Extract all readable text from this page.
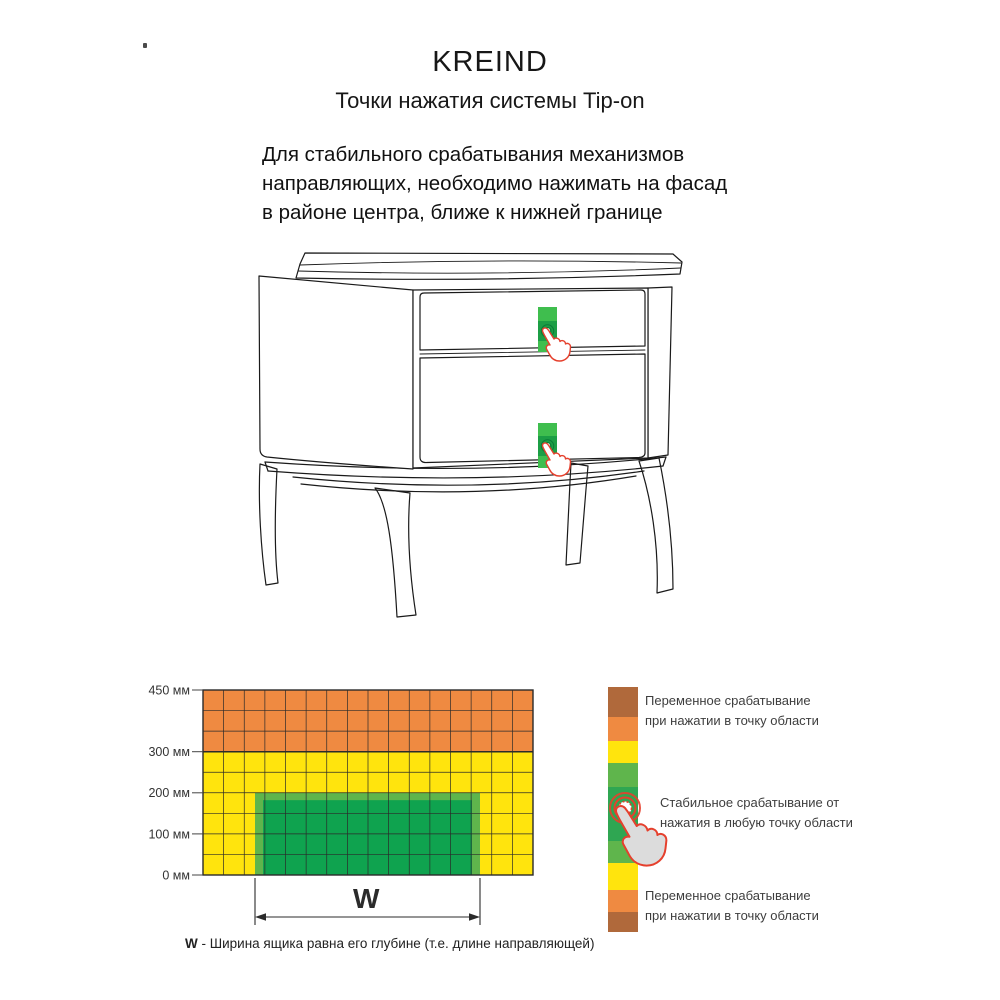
KREIND
Точки нажатия системы Tip-on
Для стабильного срабатывания механизмов
направляющих, необходимо нажимать на фасад
в районе центра, ближе к нижней границе
450 мм
300 мм
200 мм
100 мм
0 мм
W
W - Ширина ящика равна его глубине (т.е. длине направляющей)
Переменное срабатывание
при нажатии в точку области
Стабильное срабатывание от
нажатия в любую точку области
Переменное срабатывание
при нажатии в точку области
